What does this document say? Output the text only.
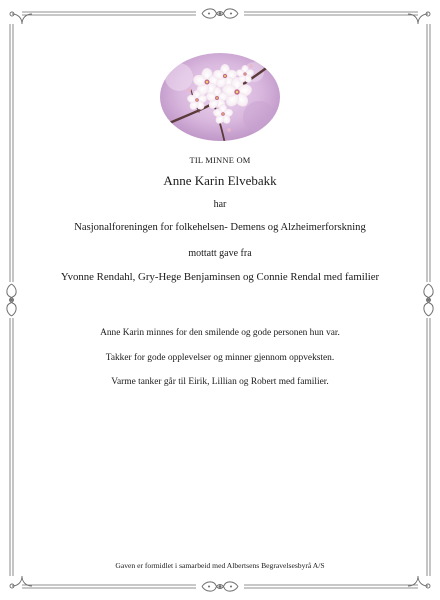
TIL MINNE OM
Anne Karin Elvebakk
har
Nasjonalforeningen for folkehelsen- Demens og Alzheimerforskning
mottatt gave fra
Yvonne Rendahl, Gry-Hege Benjaminsen og Connie Rendal med familier
Anne Karin minnes for den smilende og gode personen hun var.
Takker for gode opplevelser og minner gjennom oppveksten.
Varme tanker går til Eirik, Lillian og Robert med familier.
Gaven er formidlet i samarbeid med Albertsens Begravelsesbyrå A/S
